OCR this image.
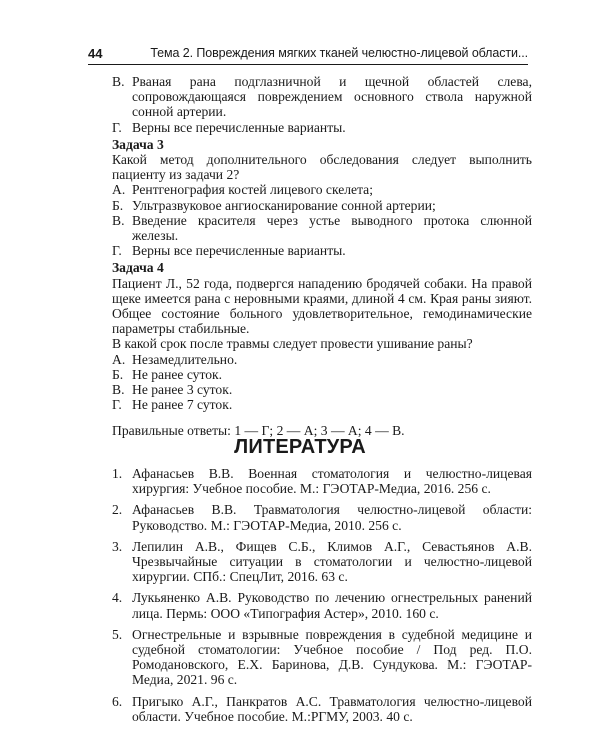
44	Тема 2. Повреждения мягких тканей челюстно-лицевой области...
В. Рваная рана подглазничной и щечной областей слева, сопровождающаяся повреждением основного ствола наружной сонной артерии.
Г. Верны все перечисленные варианты.
Задача 3
Какой метод дополнительного обследования следует выполнить пациенту из задачи 2?
А. Рентгенография костей лицевого скелета;
Б. Ультразвуковое ангиосканирование сонной артерии;
В. Введение красителя через устье выводного протока слюнной железы.
Г. Верны все перечисленные варианты.
Задача 4
Пациент Л., 52 года, подвергся нападению бродячей собаки. На правой щеке имеется рана с неровными краями, длиной 4 см. Края раны зияют. Общее состояние больного удовлетворительное, гемодинамические параметры стабильные.
В какой срок после травмы следует провести ушивание раны?
А. Незамедлительно.
Б. Не ранее суток.
В. Не ранее 3 суток.
Г. Не ранее 7 суток.
Правильные ответы: 1 — Г; 2 — А; 3 — А; 4 — В.
ЛИТЕРАТУРА
1. Афанасьев В.В. Военная стоматология и челюстно-лицевая хирургия: Учебное пособие. М.: ГЭОТАР-Медиа, 2016. 256 с.
2. Афанасьев В.В. Травматология челюстно-лицевой области: Руководство. М.: ГЭОТАР-Медиа, 2010. 256 с.
3. Лепилин А.В., Фищев С.Б., Климов А.Г., Севастьянов А.В. Чрезвычайные ситуации в стоматологии и челюстно-лицевой хирургии. СПб.: СпецЛит, 2016. 63 с.
4. Лукьяненко А.В. Руководство по лечению огнестрельных ранений лица. Пермь: ООО «Типография Астер», 2010. 160 с.
5. Огнестрельные и взрывные повреждения в судебной медицине и судебной стоматологии: Учебное пособие / Под ред. П.О. Ромодановского, Е.Х. Баринова, Д.В. Сундукова. М.: ГЭОТАР-Медиа, 2021. 96 с.
6. Пригыко А.Г., Панкратов А.С. Травматология челюстно-лицевой области. Учебное пособие. М.:РГМУ, 2003. 40 с.
